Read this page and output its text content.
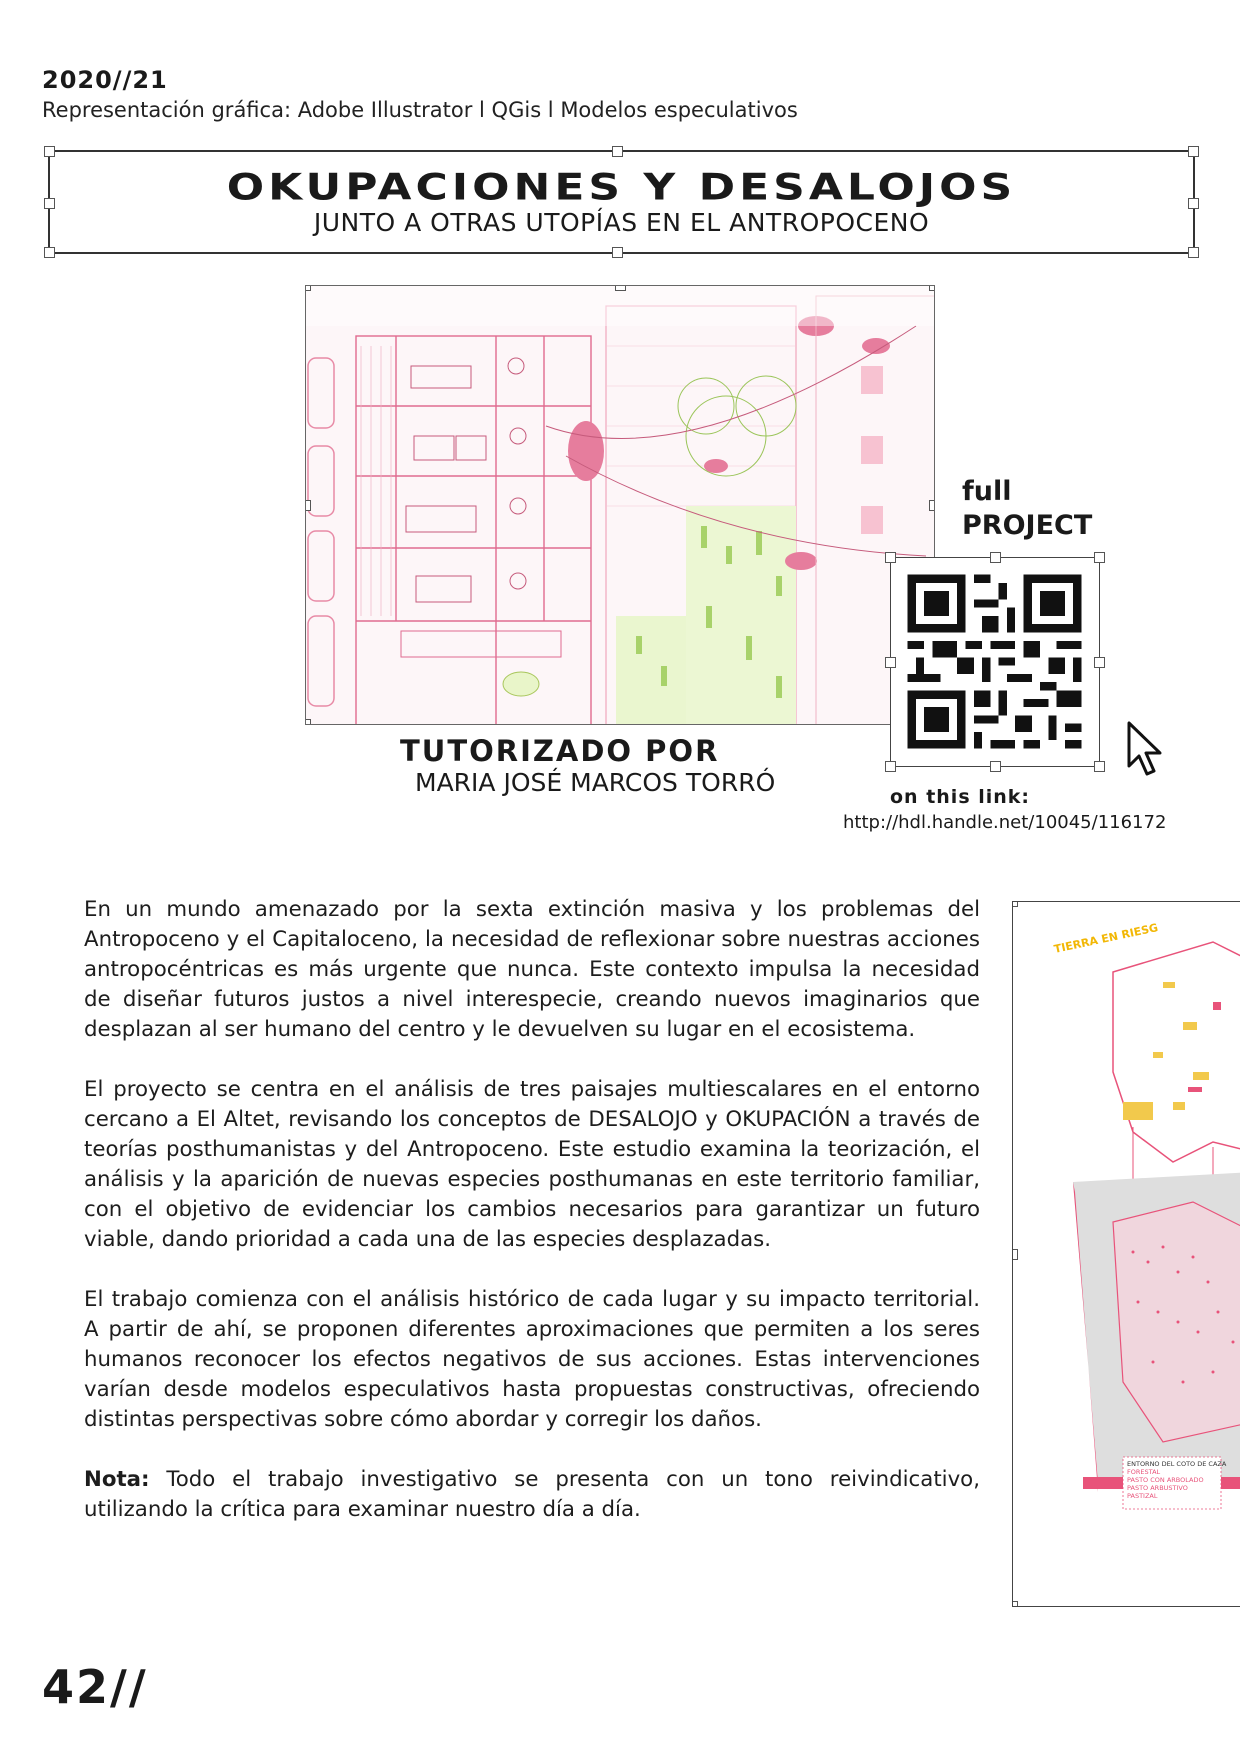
2020//21
Representación gráfica: Adobe Illustrator l QGis l Modelos especulativos
OKUPACIONES Y DESALOJOS
JUNTO A OTRAS UTOPÍAS EN EL ANTROPOCENO
full
PROJECT
TUTORIZADO POR
MARIA JOSÉ MARCOS TORRÓ	on this link:
http://hdl.handle.net/10045/116172

En un mundo amenazado por la sexta extinción masiva y los problemas del Antropoceno y el Capitaloceno, la necesidad de reflexionar sobre nuestras acciones antropocéntricas es más urgente que nunca. Este contexto impulsa la necesidad de diseñar futuros justos a nivel interespecie, creando nuevos imaginarios que desplazan al ser humano del centro y le devuelven su lugar en el ecosistema.

El proyecto se centra en el análisis de tres paisajes multiescalares en el entorno cercano a El Altet, revisando los conceptos de DESALOJO y OKUPACIÓN a través de teorías posthumanistas y del Antropoceno. Este estudio examina la teorización, el análisis y la aparición de nuevas especies posthumanas en este territorio familiar, con el objetivo de evidenciar los cambios necesarios para garantizar un futuro viable, dando prioridad a cada una de las especies desplazadas.

El trabajo comienza con el análisis histórico de cada lugar y su impacto territorial. A partir de ahí, se proponen diferentes aproximaciones que permiten a los seres humanos reconocer los efectos negativos de sus acciones. Estas intervenciones varían desde modelos especulativos hasta propuestas constructivas, ofreciendo distintas perspectivas sobre cómo abordar y corregir los daños.

Nota: Todo el trabajo investigativo se presenta con un tono reivindicativo, utilizando la crítica para examinar nuestro día a día.

TIERRA EN RIESG
ENTORNO DEL COTO DE CAZA
FORESTAL
PASTO CON ARBOLADO
PASTO ARBUSTIVO
PASTIZAL
42//
